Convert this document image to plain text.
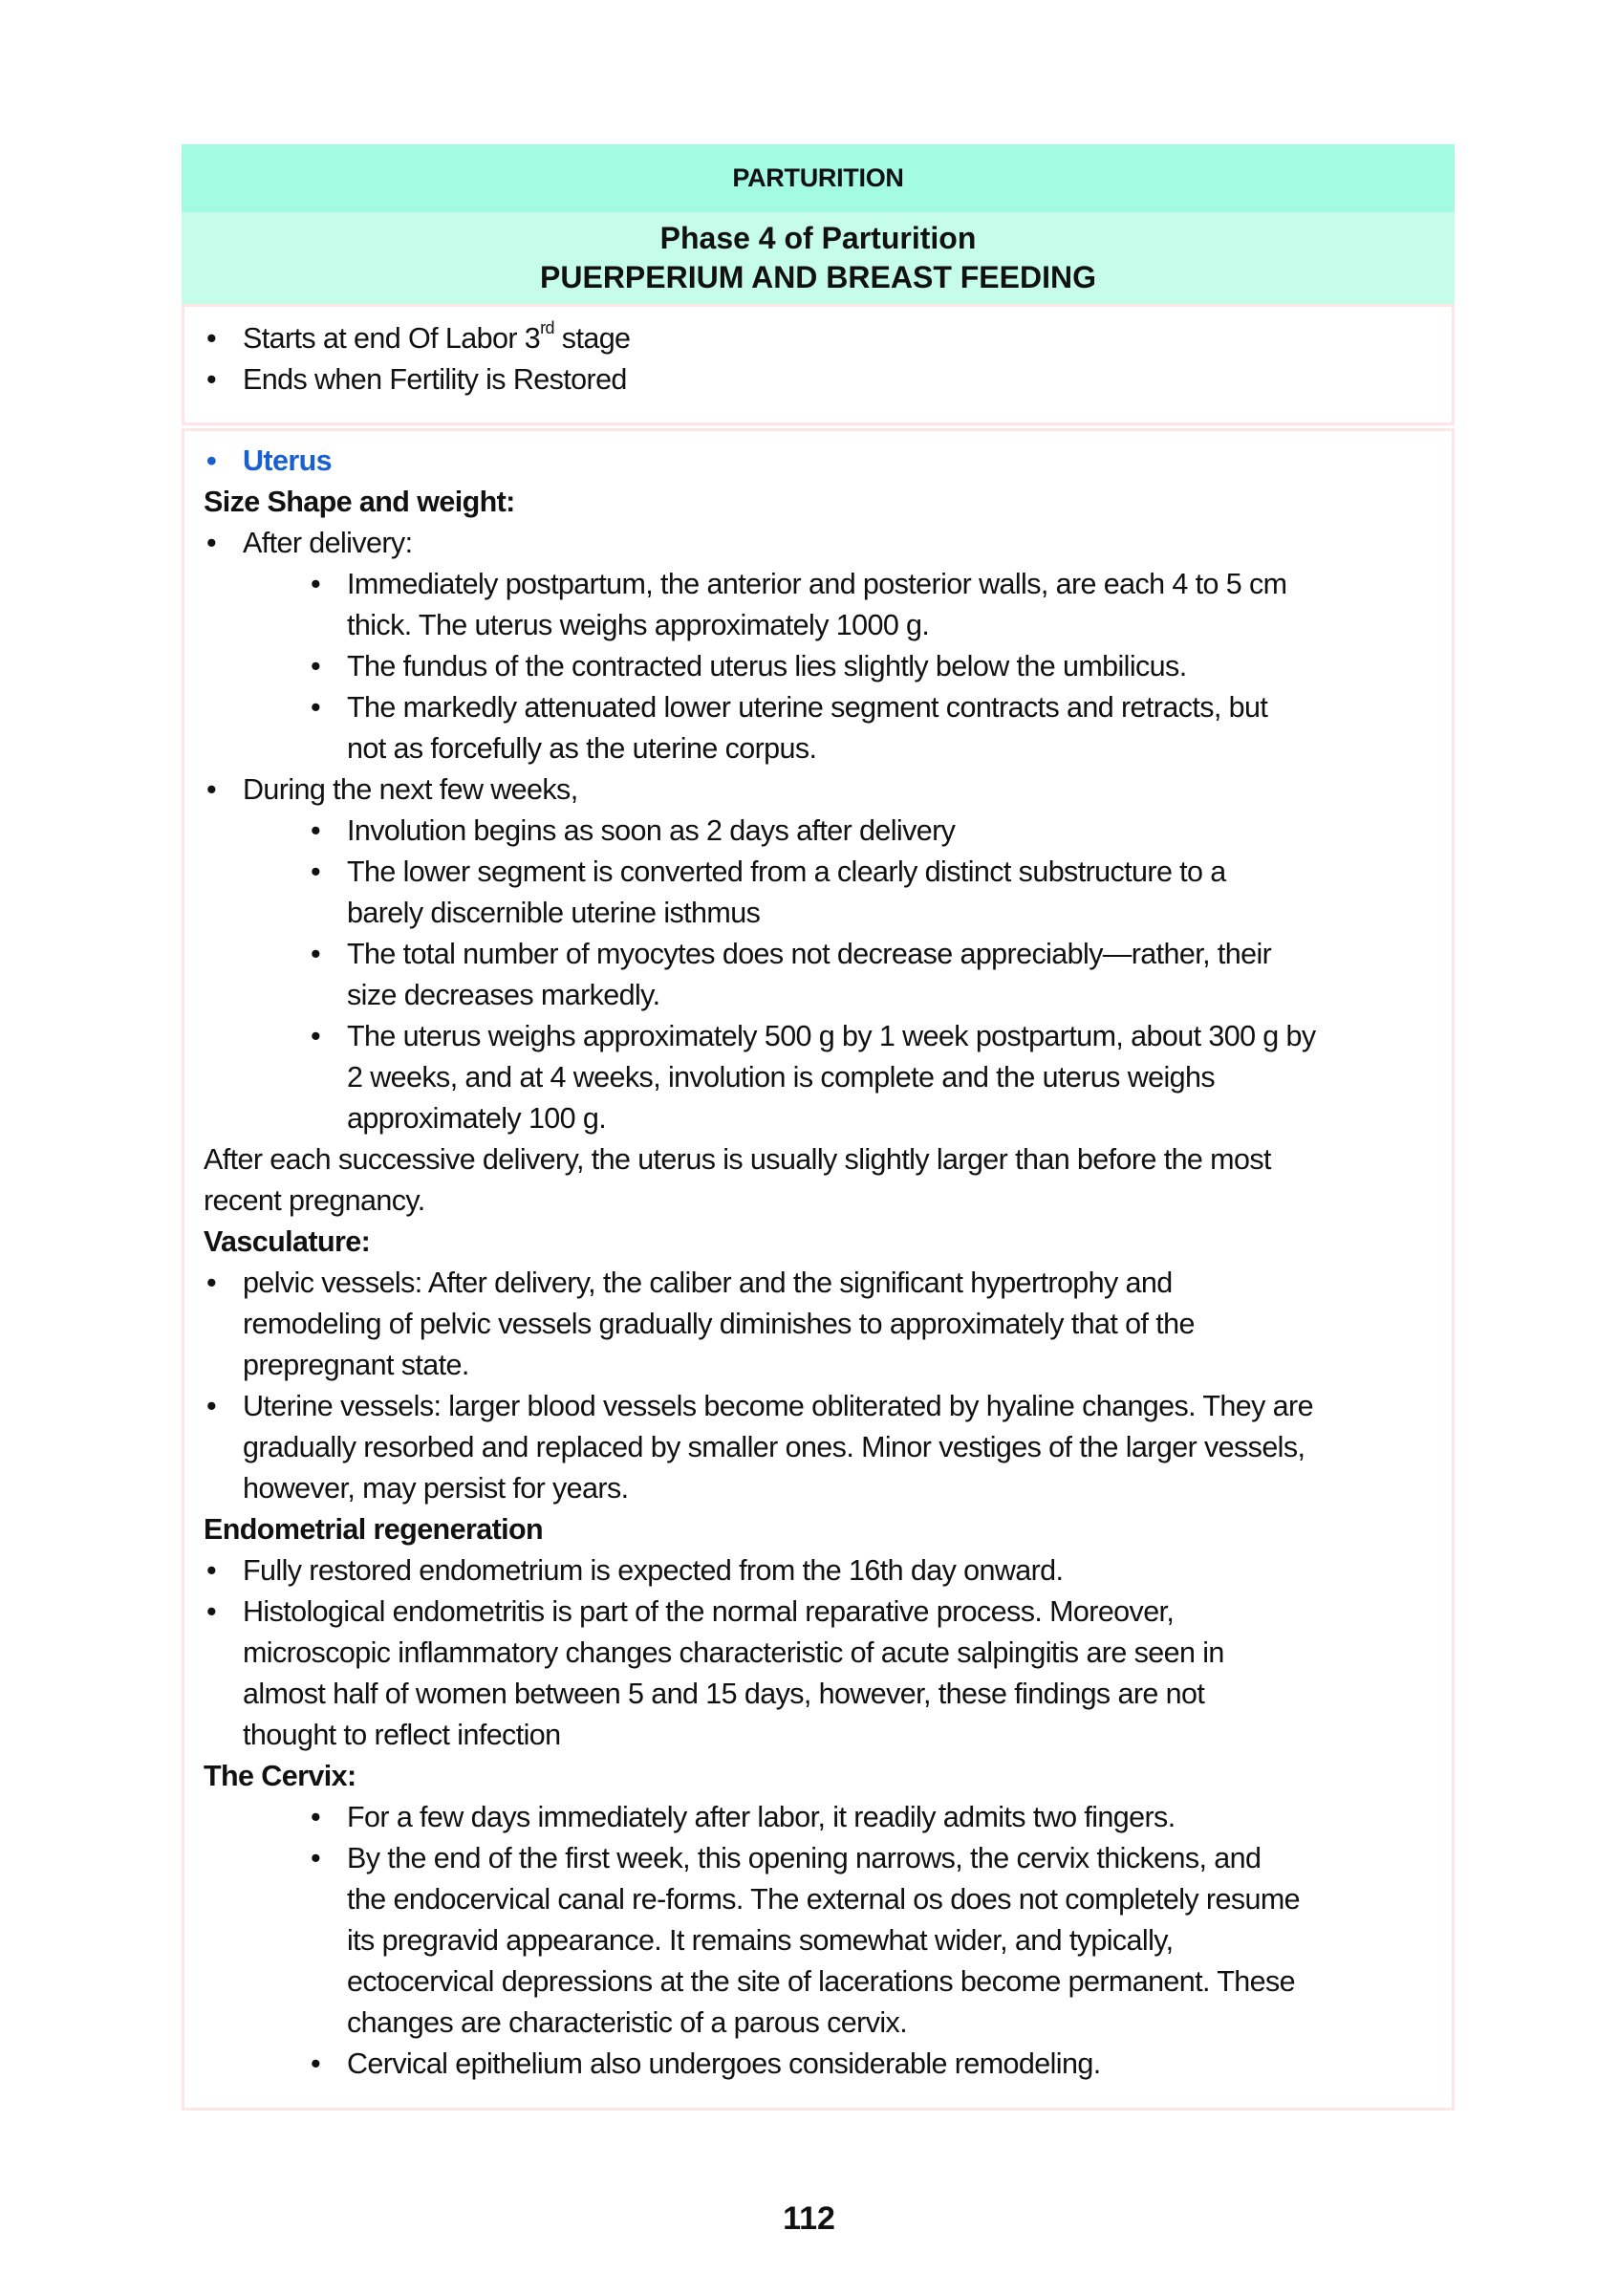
PARTURITION
Phase 4 of Parturition
PUERPERIUM AND BREAST FEEDING
• Starts at end Of Labor 3rd stage
• Ends when Fertility is Restored
• Uterus
Size Shape and weight:
• After delivery:
• Immediately postpartum, the anterior and posterior walls, are each 4 to 5 cm
thick. The uterus weighs approximately 1000 g.
• The fundus of the contracted uterus lies slightly below the umbilicus.
• The markedly attenuated lower uterine segment contracts and retracts, but
not as forcefully as the uterine corpus.
• During the next few weeks,
• Involution begins as soon as 2 days after delivery
• The lower segment is converted from a clearly distinct substructure to a
barely discernible uterine isthmus
• The total number of myocytes does not decrease appreciably—rather, their
size decreases markedly.
• The uterus weighs approximately 500 g by 1 week postpartum, about 300 g by
2 weeks, and at 4 weeks, involution is complete and the uterus weighs
approximately 100 g.
After each successive delivery, the uterus is usually slightly larger than before the most
recent pregnancy.
Vasculature:
• pelvic vessels: After delivery, the caliber and the significant hypertrophy and
remodeling of pelvic vessels gradually diminishes to approximately that of the
prepregnant state.
• Uterine vessels: larger blood vessels become obliterated by hyaline changes. They are
gradually resorbed and replaced by smaller ones. Minor vestiges of the larger vessels,
however, may persist for years.
Endometrial regeneration
• Fully restored endometrium is expected from the 16th day onward.
• Histological endometritis is part of the normal reparative process. Moreover,
microscopic inflammatory changes characteristic of acute salpingitis are seen in
almost half of women between 5 and 15 days, however, these findings are not
thought to reflect infection
The Cervix:
• For a few days immediately after labor, it readily admits two fingers.
• By the end of the first week, this opening narrows, the cervix thickens, and
the endocervical canal re-forms. The external os does not completely resume
its pregravid appearance. It remains somewhat wider, and typically,
ectocervical depressions at the site of lacerations become permanent. These
changes are characteristic of a parous cervix.
• Cervical epithelium also undergoes considerable remodeling.
112
